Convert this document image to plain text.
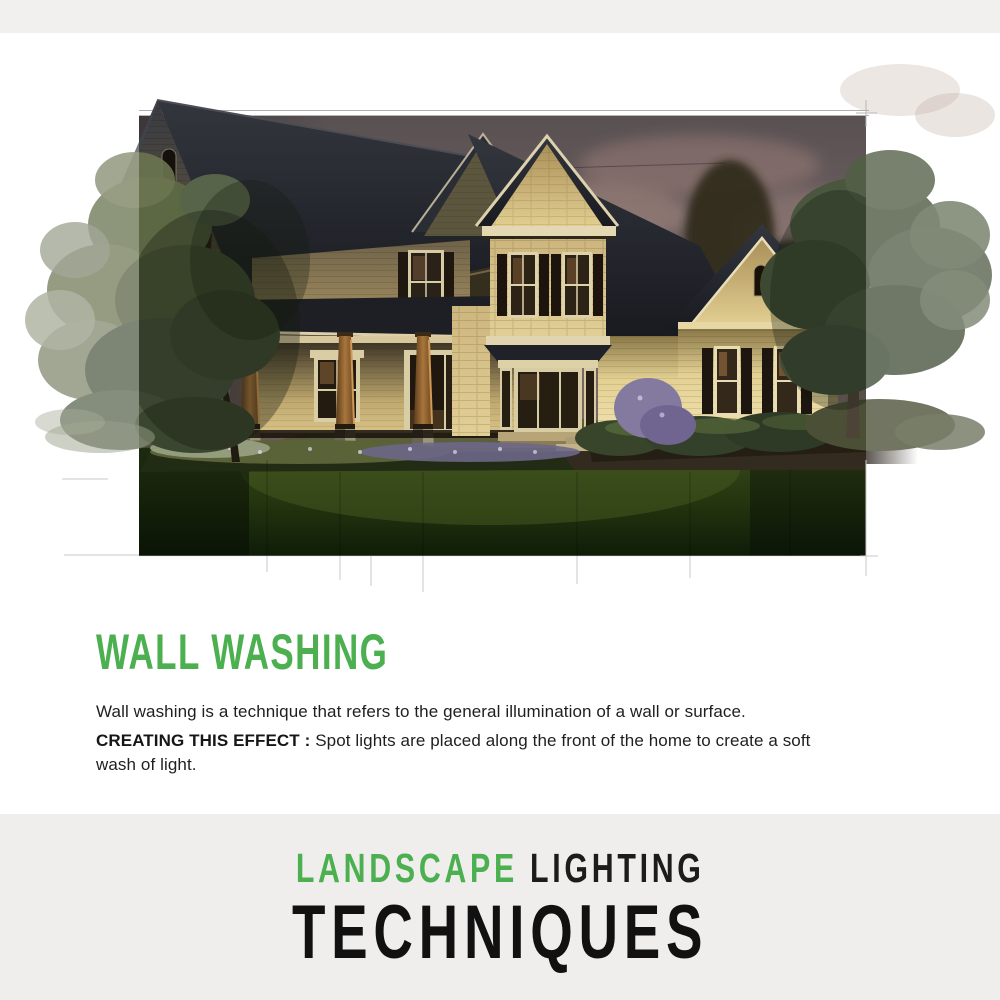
WALL WASHING

Wall washing is a technique that refers to the general illumination of a wall or surface.

CREATING THIS EFFECT : Spot lights are placed along the front of the home to create a soft wash of light.

LANDSCAPE LIGHTING
TECHNIQUES
